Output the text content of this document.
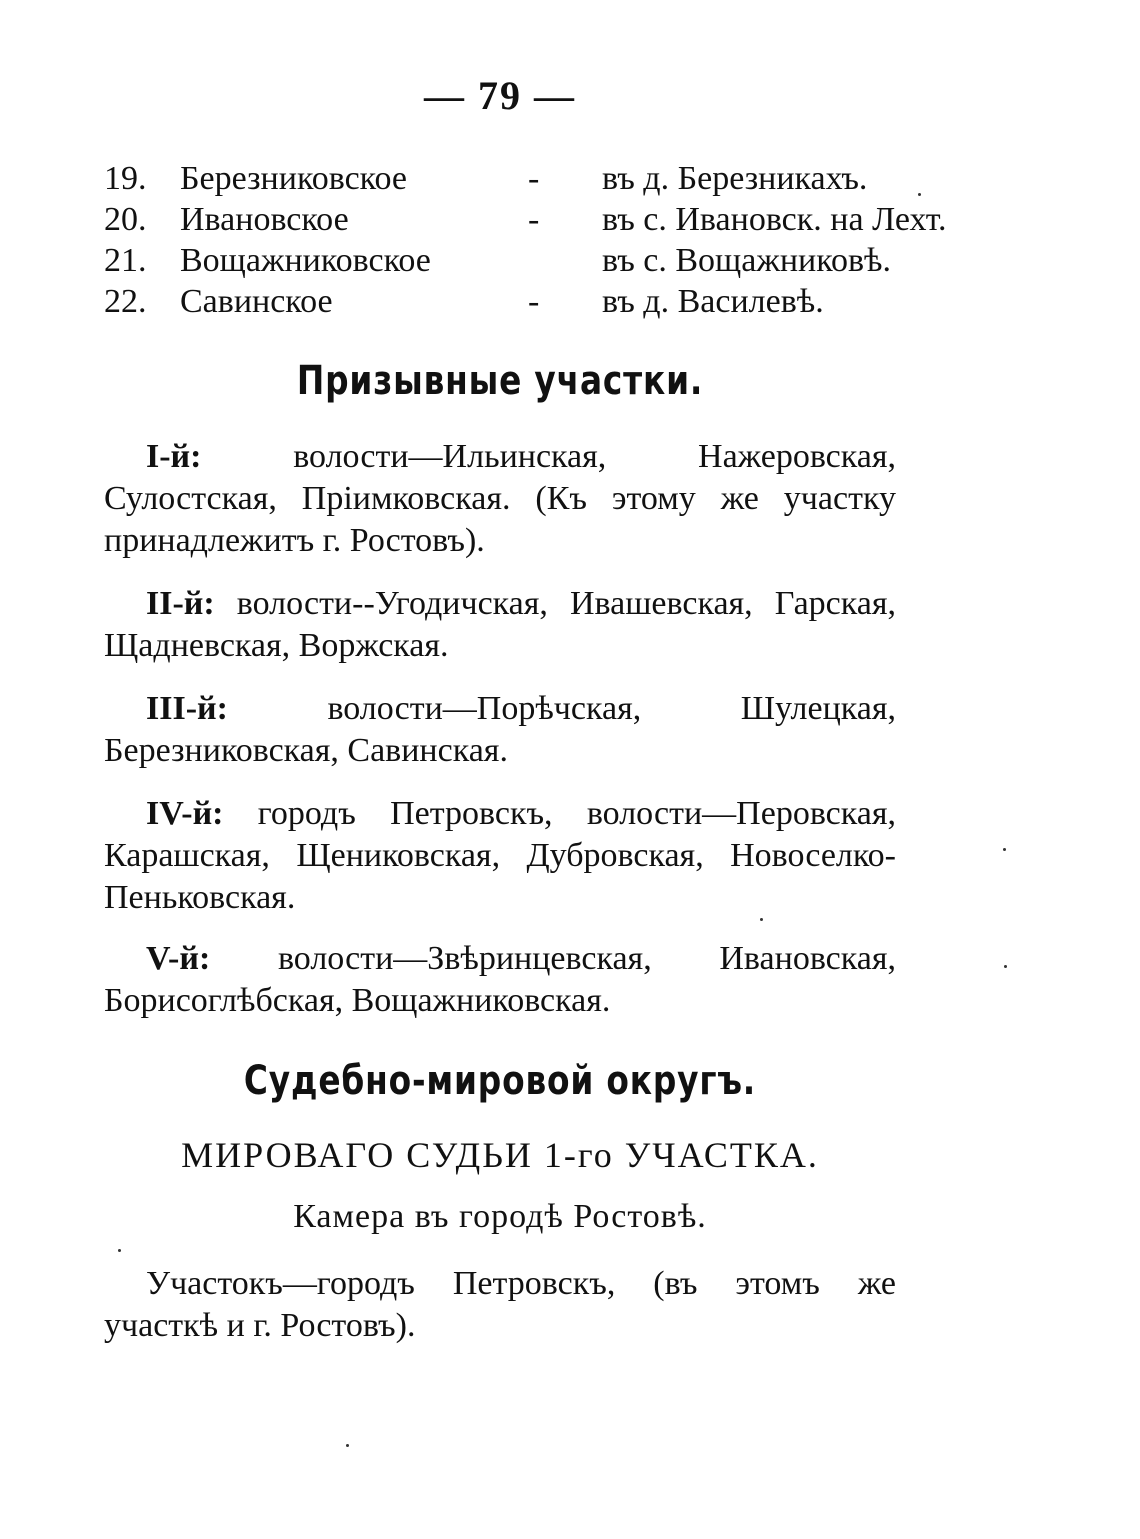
— 79 —
19. Березниковское	- въ д. Березникахъ.
20. Ивановское	- въ с. Ивановск. на Лехт.
21. Вощажниковское	въ с. Вощажниковѣ.
22. Савинское	- въ д. Василевѣ.
Призывные участки.
I-й: волости—Ильинская, Нажеровская, Сулостская, Пріимковская. (Къ этому же участку принадлежитъ г. Ростовъ).
II-й: волости--Угодичская, Ивашевская, Гарская, Щадневская, Воржская.
III-й: волости—Порѣчская, Шулецкая, Березниковская, Савинская.
IV-й: городъ Петровскъ, волости—Перовская, Карашская, Щениковская, Дубровская, Новоселко-Пеньковская.
V-й: волости—Звѣринцевская, Ивановская, Борисоглѣбская, Вощажниковская.
Судебно-мировой округъ.
МИРОВАГО СУДЬИ 1-го УЧАСТКА.
Камера въ городѣ Ростовѣ.
Участокъ—городъ Петровскъ, (въ этомъ же участкѣ и г. Ростовъ).
